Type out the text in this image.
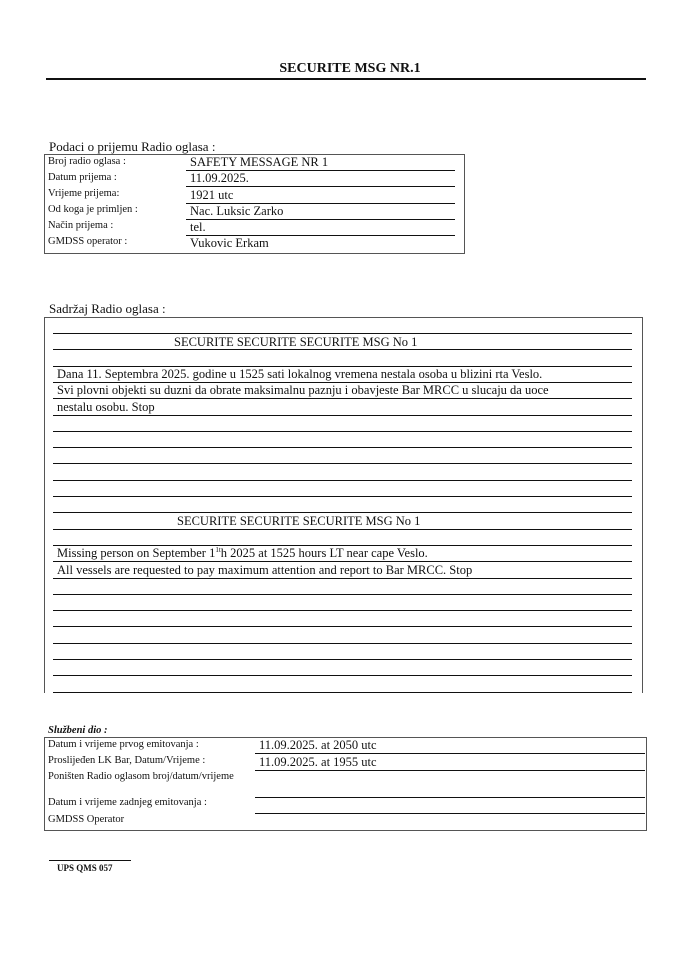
SECURITE MSG NR.1
Podaci o prijemu Radio oglasa :
Broj radio oglasa :
Datum prijema :
Vrijeme prijema:
Od koga je primljen :
Način prijema :
GMDSS operator :
SAFETY MESSAGE NR 1
11.09.2025.
1921 utc
Nac. Luksic Zarko
tel.
Vukovic Erkam
Sadržaj Radio oglasa :
SECURITE SECURITE SECURITE MSG No 1
Dana 11. Septembra 2025. godine u 1525 sati lokalnog vremena nestala osoba u blizini rta Veslo.
Svi plovni objekti su duzni da obrate maksimalnu paznju i obavjeste Bar MRCC u slucaju da uoce
nestalu osobu. Stop
SECURITE SECURITE SECURITE MSG No 1
Missing person on September $1^{1t}h$ 2025 at 1525 hours LT near cape Veslo.
All vessels are requested to pay maximum attention and report to Bar MRCC. Stop
Službeni dio :
Datum i vrijeme prvog emitovanja :
Proslijeđen LK Bar, Datum/Vrijeme :
Poništen Radio oglasom broj/datum/vrijeme
Datum i vrijeme zadnjeg emitovanja :
GMDSS Operator
11.09.2025. at 2050 utc
11.09.2025. at 1955 utc
UPS QMS 057
